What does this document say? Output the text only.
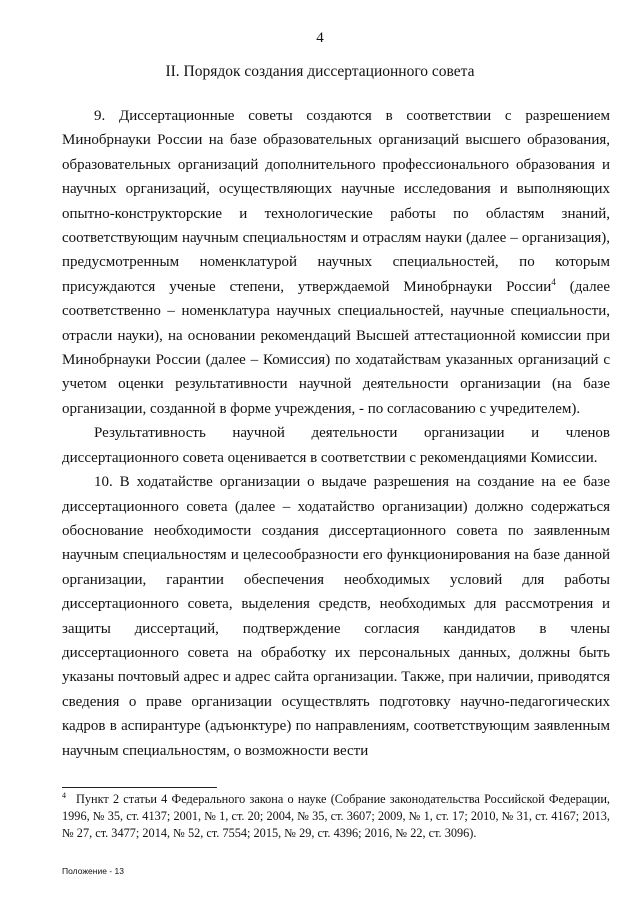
4
II. Порядок создания диссертационного совета

9. Диссертационные советы создаются в соответствии с разрешением Минобрнауки России на базе образовательных организаций высшего образования, образовательных организаций дополнительного профессионального образования и научных организаций, осуществляющих научные исследования и выполняющих опытно-конструкторские и технологические работы по областям знаний, соответствующим научным специальностям и отраслям науки (далее – организация), предусмотренным номенклатурой научных специальностей, по которым присуждаются ученые степени, утверждаемой Минобрнауки России$^4$ (далее соответственно – номенклатура научных специальностей, научные специальности, отрасли науки), на основании рекомендаций Высшей аттестационной комиссии при Минобрнауки России (далее – Комиссия) по ходатайствам указанных организаций с учетом оценки результативности научной деятельности организации (на базе организации, созданной в форме учреждения, - по согласованию с учредителем).

Результативность научной деятельности организации и членов диссертационного совета оценивается в соответствии с рекомендациями Комиссии.

10. В ходатайстве организации о выдаче разрешения на создание на ее базе диссертационного совета (далее – ходатайство организации) должно содержаться обоснование необходимости создания диссертационного совета по заявленным научным специальностям и целесообразности его функционирования на базе данной организации, гарантии обеспечения необходимых условий для работы диссертационного совета, выделения средств, необходимых для рассмотрения и защиты диссертаций, подтверждение согласия кандидатов в члены диссертационного совета на обработку их персональных данных, должны быть указаны почтовый адрес и адрес сайта организации. Также, при наличии, приводятся сведения о праве организации осуществлять подготовку научно-педагогических кадров в аспирантуре (адъюнктуре) по направлениям, соответствующим заявленным научным специальностям, о возможности вести

$^4$ Пункт 2 статьи 4 Федерального закона о науке (Собрание законодательства Российской Федерации, 1996, № 35, ст. 4137; 2001, № 1, ст. 20; 2004, № 35, ст. 3607; 2009, № 1, ст. 17; 2010, № 31, ст. 4167; 2013, № 27, ст. 3477; 2014, № 52, ст. 7554; 2015, № 29, ст. 4396; 2016, № 22, ст. 3096).

Положение - 13
